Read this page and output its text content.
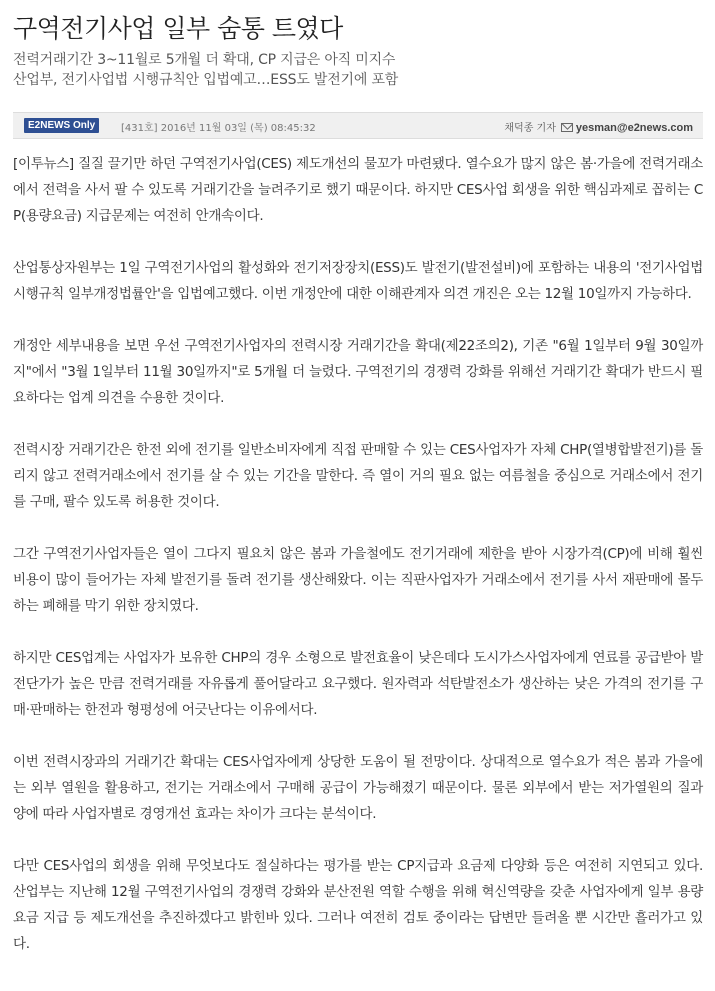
구역전기사업 일부 숨통 트였다

전력거래기간 3~11월로 5개월 더 확대, CP 지급은 아직 미지수

산업부, 전기사업법 시행규칙안 입법예고…ESS도 발전기에 포함

E2NEWS Only	[431호] 2016년 11월 03일 (목) 08:45:32	채덕종 기자 yesman@e2news.com

[이투뉴스] 질질 끌기만 하던 구역전기사업(CES) 제도개선의 물꼬가 마련됐다. 열수요가 많지 않은 봄·가을에 전력거래소에서 전력을 사서 팔 수 있도록 거래기간을 늘려주기로 했기 때문이다. 하지만 CES사업 회생을 위한 핵심과제로 꼽히는 CP(용량요금) 지급문제는 여전히 안개속이다.

산업통상자원부는 1일 구역전기사업의 활성화와 전기저장장치(ESS)도 발전기(발전설비)에 포함하는 내용의 '전기사업법 시행규칙 일부개정법률안'을 입법예고했다. 이번 개정안에 대한 이해관계자 의견 개진은 오는 12월 10일까지 가능하다.

개정안 세부내용을 보면 우선 구역전기사업자의 전력시장 거래기간을 확대(제22조의2), 기존 "6월 1일부터 9월 30일까지"에서 "3월 1일부터 11월 30일까지"로 5개월 더 늘렸다. 구역전기의 경쟁력 강화를 위해선 거래기간 확대가 반드시 필요하다는 업계 의견을 수용한 것이다.

전력시장 거래기간은 한전 외에 전기를 일반소비자에게 직접 판매할 수 있는 CES사업자가 자체 CHP(열병합발전기)를 돌리지 않고 전력거래소에서 전기를 살 수 있는 기간을 말한다. 즉 열이 거의 필요 없는 여름철을 중심으로 거래소에서 전기를 구매, 팔수 있도록 허용한 것이다.

그간 구역전기사업자들은 열이 그다지 필요치 않은 봄과 가을철에도 전기거래에 제한을 받아 시장가격(CP)에 비해 훨씬 비용이 많이 들어가는 자체 발전기를 돌려 전기를 생산해왔다. 이는 직판사업자가 거래소에서 전기를 사서 재판매에 몰두하는 폐해를 막기 위한 장치였다.

하지만 CES업계는 사업자가 보유한 CHP의 경우 소형으로 발전효율이 낮은데다 도시가스사업자에게 연료를 공급받아 발전단가가 높은 만큼 전력거래를 자유롭게 풀어달라고 요구했다. 원자력과 석탄발전소가 생산하는 낮은 가격의 전기를 구매·판매하는 한전과 형평성에 어긋난다는 이유에서다.

이번 전력시장과의 거래기간 확대는 CES사업자에게 상당한 도움이 될 전망이다. 상대적으로 열수요가 적은 봄과 가을에는 외부 열원을 활용하고, 전기는 거래소에서 구매해 공급이 가능해졌기 때문이다. 물론 외부에서 받는 저가열원의 질과 양에 따라 사업자별로 경영개선 효과는 차이가 크다는 분석이다.

다만 CES사업의 회생을 위해 무엇보다도 절실하다는 평가를 받는 CP지급과 요금제 다양화 등은 여전히 지연되고 있다. 산업부는 지난해 12월 구역전기사업의 경쟁력 강화와 분산전원 역할 수행을 위해 혁신역량을 갖춘 사업자에게 일부 용량요금 지급 등 제도개선을 추진하겠다고 밝힌바 있다. 그러나 여전히 검토 중이라는 답변만 들려올 뿐 시간만 흘러가고 있다.
